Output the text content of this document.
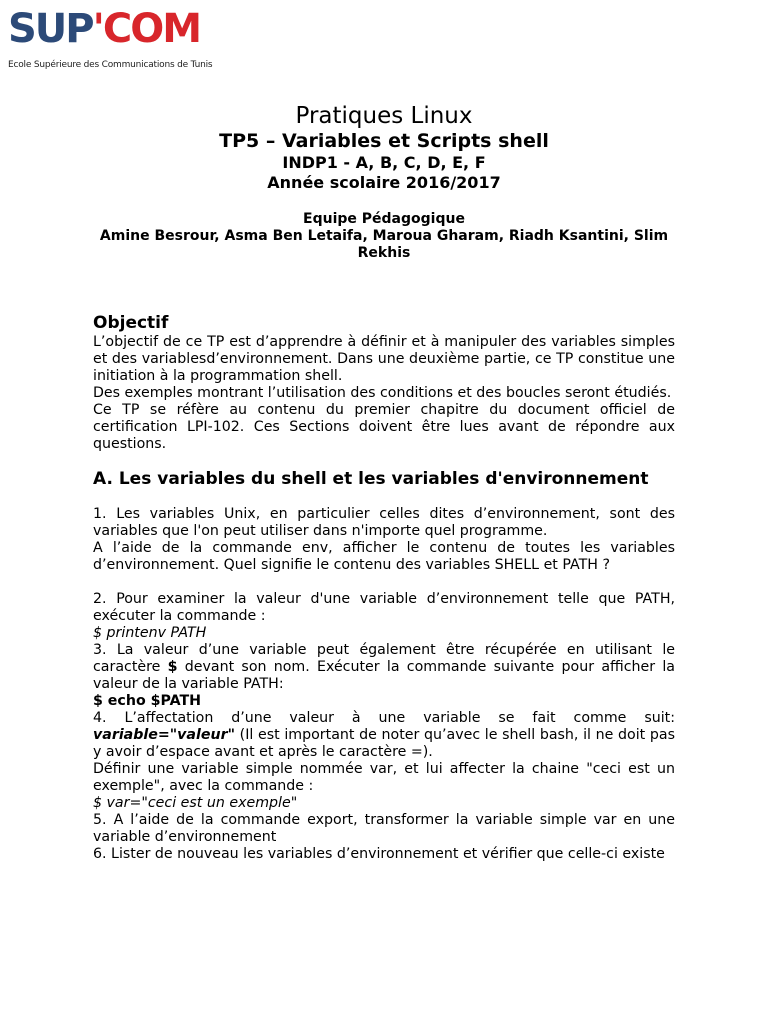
SUP'COM
Ecole Supérieure des Communications de Tunis
Pratiques Linux
TP5 – Variables et Scripts shell
INDP1 - A, B, C, D, E, F
Année scolaire 2016/2017
Equipe Pédagogique
Amine Besrour, Asma Ben Letaifa, Maroua Gharam, Riadh Ksantini, Slim Rekhis
Objectif
L’objectif de ce TP est d’apprendre à définir et à manipuler des variables simples et des variablesd’environnement. Dans une deuxième partie, ce TP constitue une initiation à la programmation shell.
Des exemples montrant l’utilisation des conditions et des boucles seront étudiés.
Ce TP se réfère au contenu du premier chapitre du document officiel de certification LPI-102. Ces Sections doivent être lues avant de répondre aux questions.
A. Les variables du shell et les variables d'environnement
1. Les variables Unix, en particulier celles dites d’environnement, sont des variables que l'on peut utiliser dans n'importe quel programme.
A l’aide de la commande env, afficher le contenu de toutes les variables d’environnement. Quel signifie le contenu des variables SHELL et PATH ?
2. Pour examiner la valeur d'une variable d’environnement telle que PATH, exécuter la commande :
$ printenv PATH
3. La valeur d’une variable peut également être récupérée en utilisant le caractère $ devant son nom. Exécuter la commande suivante pour afficher la valeur de la variable PATH:
$ echo $PATH
4. L’affectation d’une valeur à une variable se fait comme suit: variable="valeur" (Il est important de noter qu’avec le shell bash, il ne doit pas y avoir d’espace avant et après le caractère =).
Définir une variable simple nommée var, et lui affecter la chaine "ceci est un exemple", avec la commande :
$ var="ceci est un exemple"
5. A l’aide de la commande export, transformer la variable simple var en une variable d’environnement
6. Lister de nouveau les variables d’environnement et vérifier que celle-ci existe
